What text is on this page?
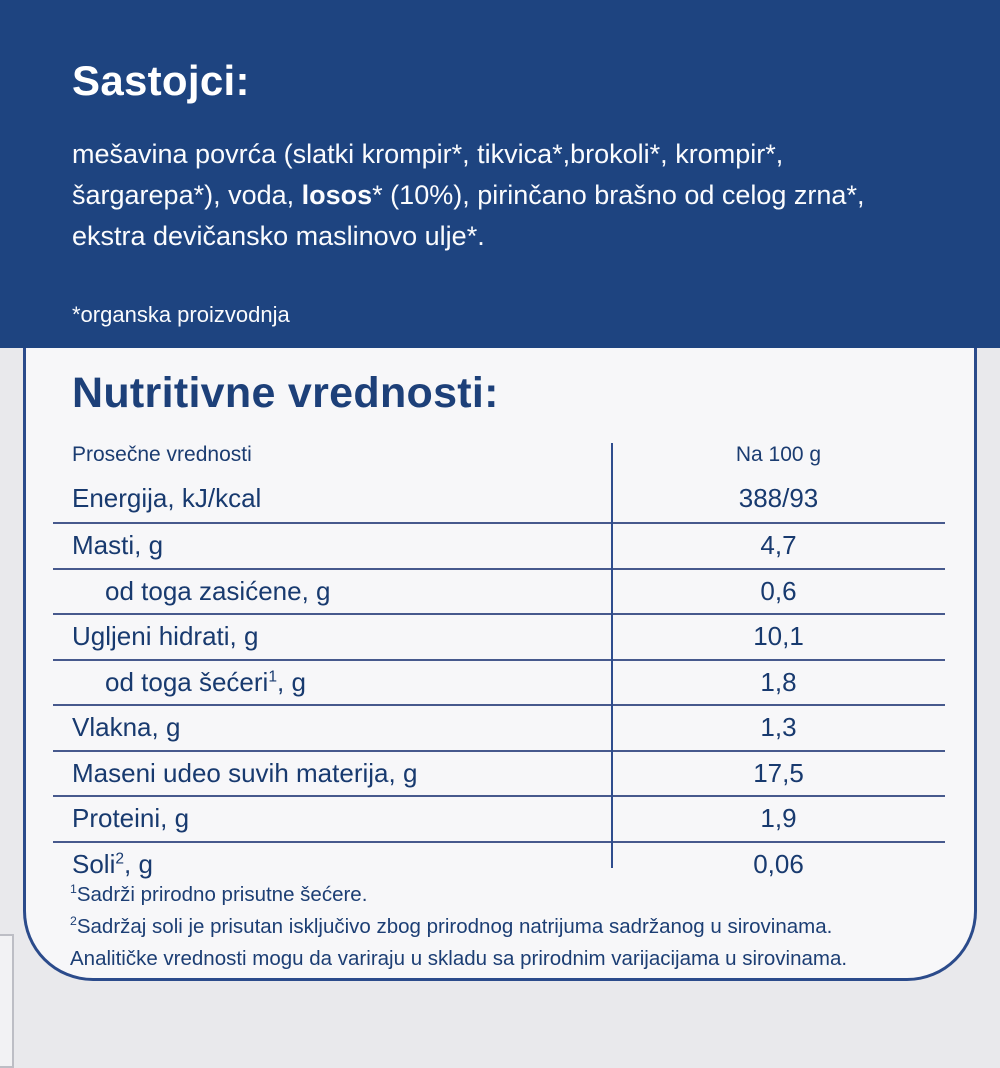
Sastojci:
mešavina povrća (slatki krompir*, tikvica*,brokoli*, krompir*,
šargarepa*), voda, losos* (10%), pirinčano brašno od celog zrna*,
ekstra devičansko maslinovo ulje*.
*organska proizvodnja
Nutritivne vrednosti:
Prosečne vrednosti	Na 100 g
Energija, kJ/kcal	388/93
Masti, g	4,7
od toga zasićene, g	0,6
Ugljeni hidrati, g	10,1
od toga šećeri$^1$, g	1,8
Vlakna, g	1,3
Maseni udeo suvih materija, g	17,5
Proteini, g	1,9
Soli$^2$, g	0,06
$^1$Sadrži prirodno prisutne šećere.
$^2$Sadržaj soli je prisutan isključivo zbog prirodnog natrijuma sadržanog u sirovinama.
Analitičke vrednosti mogu da variraju u skladu sa prirodnim varijacijama u sirovinama.
